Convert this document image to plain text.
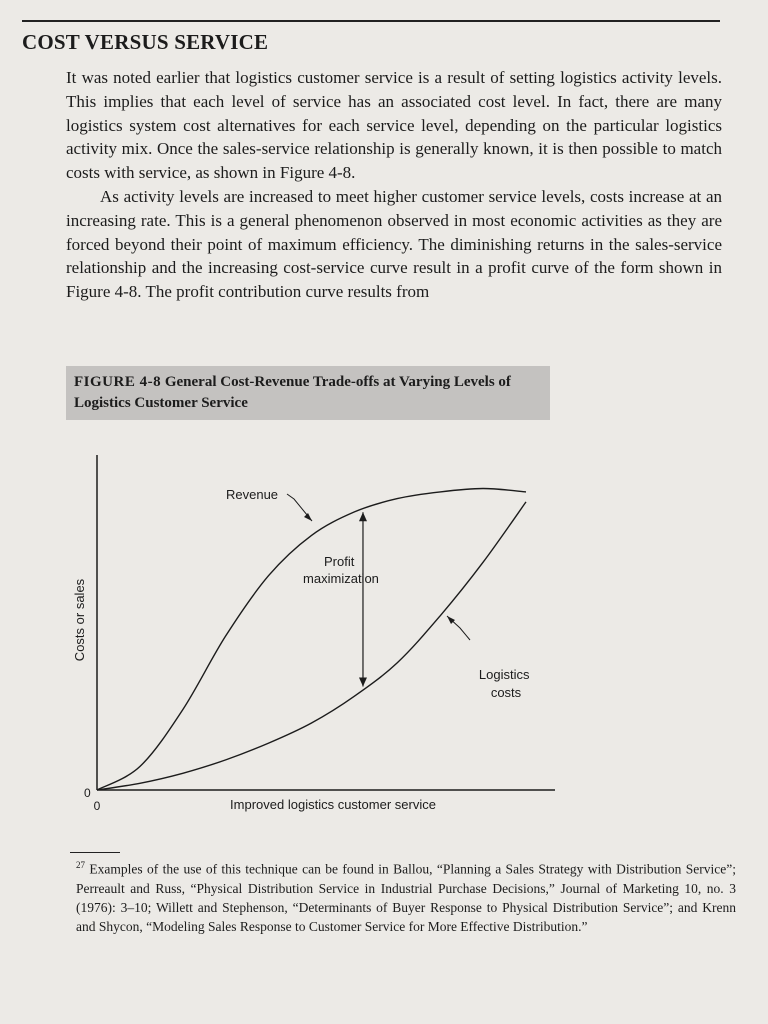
COST VERSUS SERVICE

It was noted earlier that logistics customer service is a result of setting logistics activity levels. This implies that each level of service has an associated cost level. In fact, there are many logistics system cost alternatives for each service level, depending on the particular logistics activity mix. Once the sales-service relationship is generally known, it is then possible to match costs with service, as shown in Figure 4-8.

As activity levels are increased to meet higher customer service levels, costs increase at an increasing rate. This is a general phenomenon observed in most economic activities as they are forced beyond their point of maximum efficiency. The diminishing returns in the sales-service relationship and the increasing cost-service curve result in a profit curve of the form shown in Figure 4-8. The profit contribution curve results from

FIGURE 4-8 General Cost-Revenue Trade-offs at Varying Levels of Logistics Customer Service
Costs or sales
Improved logistics customer service
0
0
Revenue
Profit maximization
Logistics costs

$^{27}$ Examples of the use of this technique can be found in Ballou, “Planning a Sales Strategy with Distribution Service”; Perreault and Russ, “Physical Distribution Service in Industrial Purchase Decisions,” Journal of Marketing 10, no. 3 (1976): 3–10; Willett and Stephenson, “Determinants of Buyer Response to Physical Distribution Service”; and Krenn and Shycon, “Modeling Sales Response to Customer Service for More Effective Distribution.”
